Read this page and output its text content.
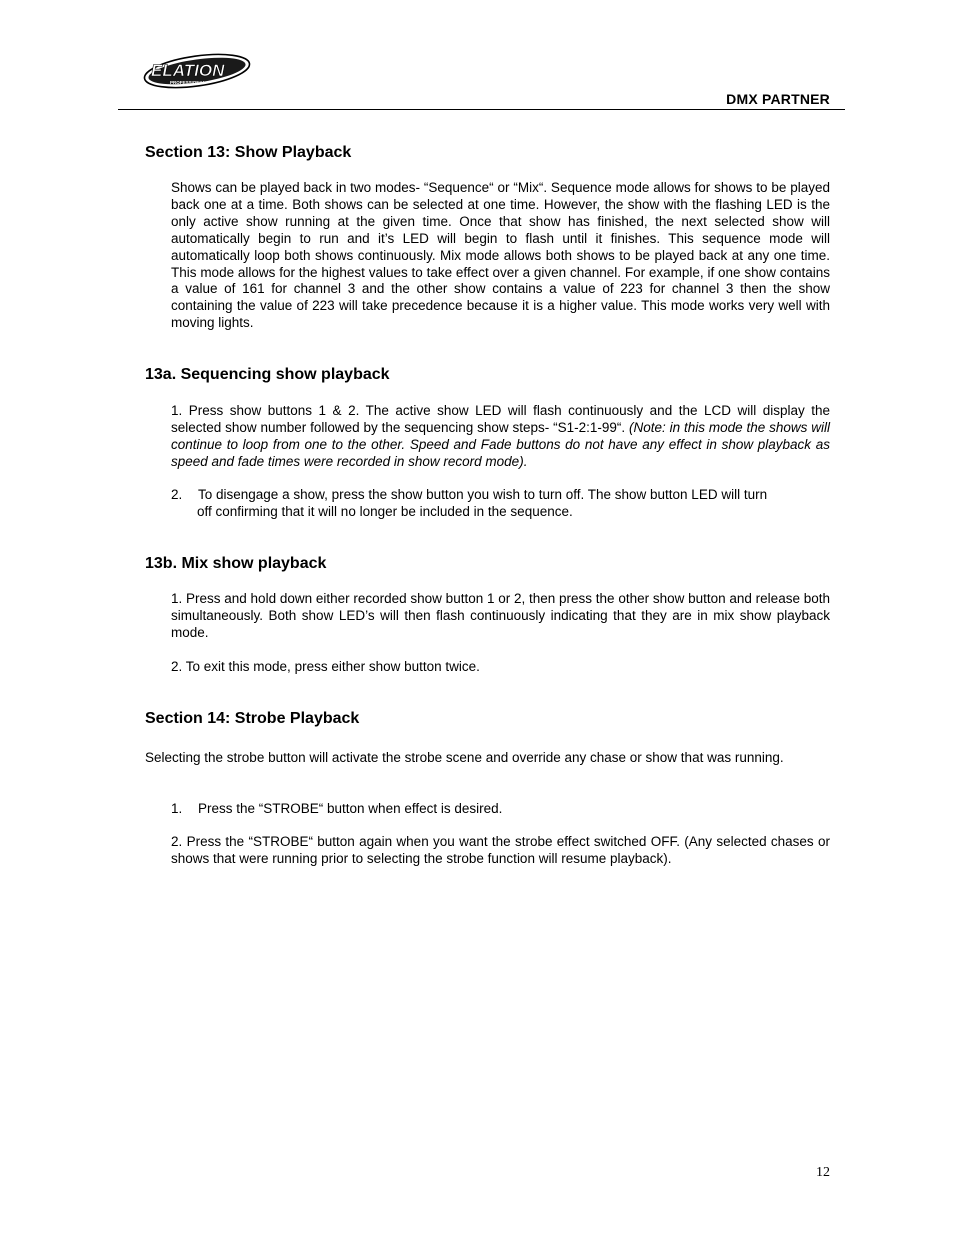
ELATION
PROFESSIONAL
DMX PARTNER
Section 13: Show Playback

Shows can be played back in two modes- “Sequence“ or “Mix“. Sequence mode allows for shows to be played back one at a time. Both shows can be selected at one time. However, the show with the flashing LED is the only active show running at the given time. Once that show has finished, the next selected show will automatically begin to run and it’s LED will begin to flash until it finishes. This sequence mode will automatically loop both shows continuously. Mix mode allows both shows to be played back at any one time. This mode allows for the highest values to take effect over a given channel. For example, if one show contains a value of 161 for channel 3 and the other show contains a value of 223 for channel 3 then the show containing the value of 223 will take precedence because it is a higher value. This mode works very well with moving lights.

13a. Sequencing show playback

1. Press show buttons 1 & 2. The active show LED will flash continuously and the LCD will display the selected show number followed by the sequencing show steps- “S1-2:1-99“. (Note: in this mode the shows will continue to loop from one to the other. Speed and Fade buttons do not have any effect in show playback as speed and fade times were recorded in show record mode).

2.	To disengage a show, press the show button you wish to turn off. The show button LED will turn
off confirming that it will no longer be included in the sequence.
13b. Mix show playback

1. Press and hold down either recorded show button 1 or 2, then press the other show button and release both simultaneously. Both show LED’s will then flash continuously indicating that they are in mix show playback mode.

2. To exit this mode, press either show button twice.

Section 14: Strobe Playback

Selecting the strobe button will activate the strobe scene and override any chase or show that was running.

1.	Press the “STROBE“ button when effect is desired.

2. Press the “STROBE“ button again when you want the strobe effect switched OFF. (Any selected chases or shows that were running prior to selecting the strobe function will resume playback).

12
